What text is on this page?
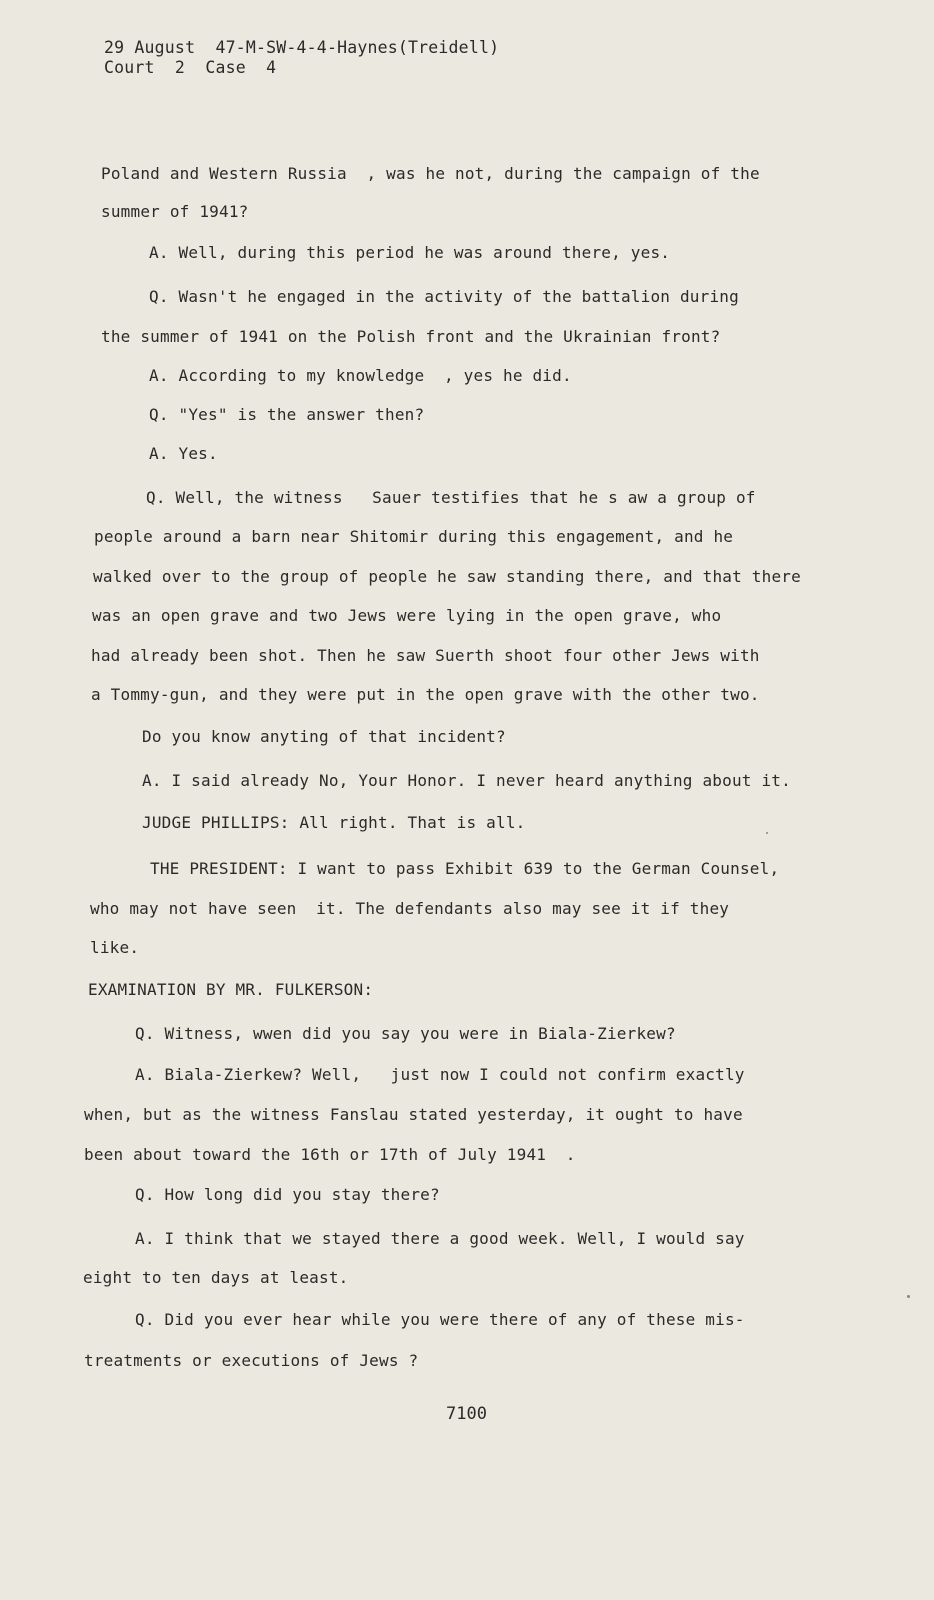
29 August  47-M-SW-4-4-Haynes(Treidell)
Court  2  Case  4
Poland and Western Russia  , was he not, during the campaign of the
summer of 1941?
A. Well, during this period he was around there, yes.
Q. Wasn't he engaged in the activity of the battalion during
the summer of 1941 on the Polish front and the Ukrainian front?
A. According to my knowledge  , yes he did.
Q. "Yes" is the answer then?
A. Yes.
Q. Well, the witness   Sauer testifies that he s aw a group of
people around a barn near Shitomir during this engagement, and he
walked over to the group of people he saw standing there, and that there
was an open grave and two Jews were lying in the open grave, who
had already been shot. Then he saw Suerth shoot four other Jews with
a Tommy-gun, and they were put in the open grave with the other two.
Do you know anyting of that incident?
A. I said already No, Your Honor. I never heard anything about it.
JUDGE PHILLIPS: All right. That is all.
THE PRESIDENT: I want to pass Exhibit 639 to the German Counsel,
who may not have seen  it. The defendants also may see it if they
like.
EXAMINATION BY MR. FULKERSON:
Q. Witness, wwen did you say you were in Biala-Zierkew?
A. Biala-Zierkew? Well,   just now I could not confirm exactly
when, but as the witness Fanslau stated yesterday, it ought to have
been about toward the 16th or 17th of July 1941  .
Q. How long did you stay there?
A. I think that we stayed there a good week. Well, I would say
eight to ten days at least.
Q. Did you ever hear while you were there of any of these mis-
treatments or executions of Jews ?
7100
